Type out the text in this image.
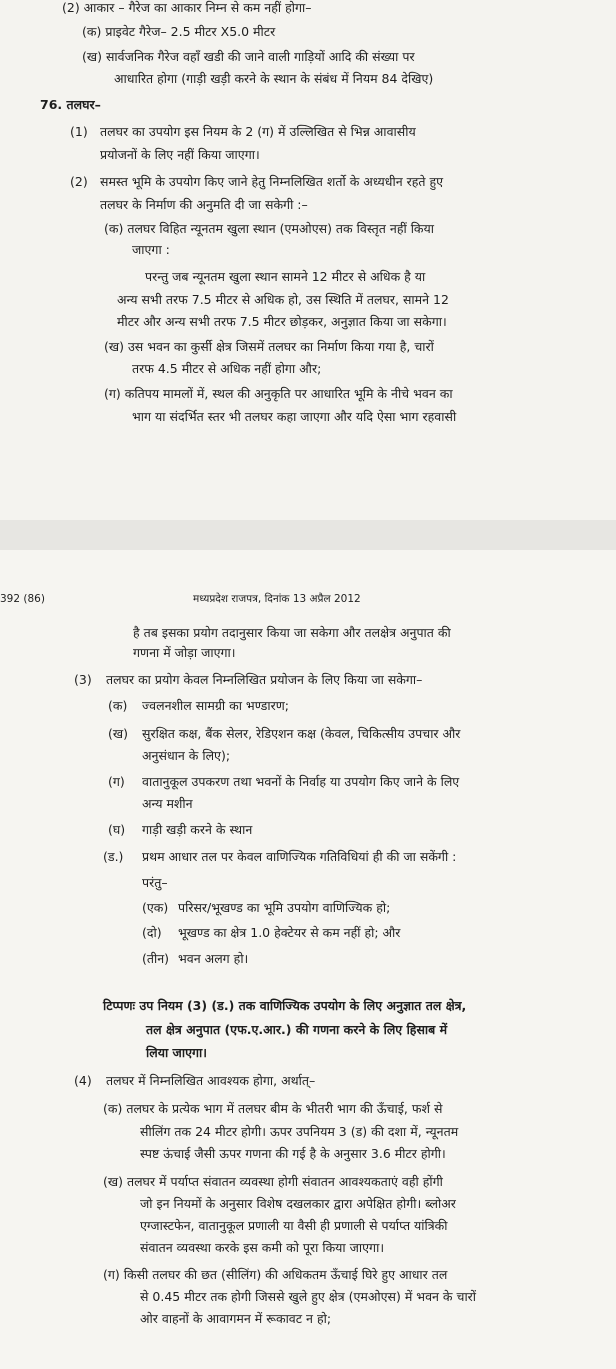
(2) आकार – गैरेज का आकार निम्न से कम नहीं होगा–
(क) प्राइवेट गैरेज– 2.5 मीटर X5.0 मीटर
(ख) सार्वजनिक गैरेज वहाँ खडी की जाने वाली गाड़ियों आदि की संख्या पर
आधारित होगा (गाड़ी खड़ी करने के स्थान के संबंध में नियम 84 देखिए)
76. तलघर–
(1) तलघर का उपयोग इस नियम के 2 (ग) में उल्लिखित से भिन्न आवासीय
प्रयोजनों के लिए नहीं किया जाएगा।
(2) समस्त भूमि के उपयोग किए जाने हेतु निम्नलिखित शर्तो के अध्यधीन रहते हुए
तलघर के निर्माण की अनुमति दी जा सकेगी :–
(क) तलघर विहित न्यूनतम खुला स्थान (एमओएस) तक विस्तृत नहीं किया
जाएगा :
परन्तु जब न्यूनतम खुला स्थान सामने 12 मीटर से अधिक है या
अन्य सभी तरफ 7.5 मीटर से अधिक हो, उस स्थिति में तलघर, सामने 12
मीटर और अन्य सभी तरफ 7.5 मीटर छोड़कर, अनुज्ञात किया जा सकेगा।
(ख) उस भवन का कुर्सी क्षेत्र जिसमें तलघर का निर्माण किया गया है, चारों
तरफ 4.5 मीटर से अधिक नहीं होगा और;
(ग) कतिपय मामलों में, स्थल की अनुकृति पर आधारित भूमि के नीचे भवन का
भाग या संदर्भित स्तर भी तलघर कहा जाएगा और यदि ऐसा भाग रहवासी
392 (86)	मध्यप्रदेश राजपत्र, दिनांक 13 अप्रैल 2012
है तब इसका प्रयोग तदानुसार किया जा सकेगा और तलक्षेत्र अनुपात की
गणना में जोड़ा जाएगा।
(3) तलघर का प्रयोग केवल निम्नलिखित प्रयोजन के लिए किया जा सकेगा–
(क) ज्वलनशील सामग्री का भण्डारण;
(ख) सुरक्षित कक्ष, बैंक सेलर, रेडिएशन कक्ष (केवल, चिकित्सीय उपचार और
अनुसंधान के लिए);
(ग) वातानुकूल उपकरण तथा भवनों के निर्वाह या उपयोग किए जाने के लिए
अन्य मशीन
(घ) गाड़ी खड़ी करने के स्थान
(ड.) प्रथम आधार तल पर केवल वाणिज्यिक गतिविधियां ही की जा सकेंगी :
परंतु–
(एक) परिसर/भूखण्ड का भूमि उपयोग वाणिज्यिक हो;
(दो) भूखण्ड का क्षेत्र 1.0 हेक्टेयर से कम नहीं हो; और
(तीन) भवन अलग हो।
टिप्पणः उप नियम (3) (ड.) तक वाणिज्यिक उपयोग के लिए अनुज्ञात तल क्षेत्र,
तल क्षेत्र अनुपात (एफ.ए.आर.) की गणना करने के लिए हिसाब में
लिया जाएगा।
(4) तलघर में निम्नलिखित आवश्यक होगा, अर्थात्–
(क) तलघर के प्रत्येक भाग में तलघर बीम के भीतरी भाग की ऊँचाई, फर्श से
सीलिंग तक 24 मीटर होगी। ऊपर उपनियम 3 (ड) की दशा में, न्यूनतम
स्पष्ट ऊंचाई जैसी ऊपर गणना की गई है के अनुसार 3.6 मीटर होगी।
(ख) तलघर में पर्याप्त संवातन व्यवस्था होगी संवातन आवश्यकताएं वही होंगी
जो इन नियमों के अनुसार विशेष दखलकार द्वारा अपेक्षित होगी। ब्लोअर
एग्जास्टफेन, वातानुकूल प्रणाली या वैसी ही प्रणाली से पर्याप्त यांत्रिकी
संवातन व्यवस्था करके इस कमी को पूरा किया जाएगा।
(ग) किसी तलघर की छत (सीलिंग) की अधिकतम ऊँचाई घिरे हुए आधार तल
से 0.45 मीटर तक होगी जिससे खुले हुए क्षेत्र (एमओएस) में भवन के चारों
ओर वाहनों के आवागमन में रूकावट न हो;
